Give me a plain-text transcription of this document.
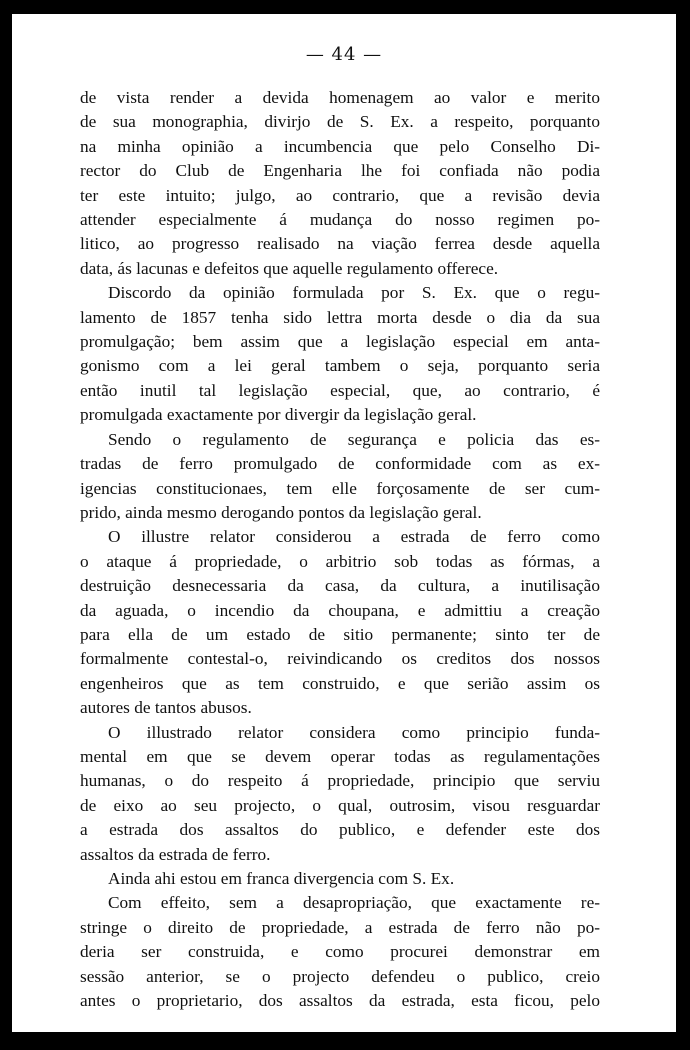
— 44 —
de vista render a devida homenagem ao valor e merito
de sua monographia, divirjo de S. Ex. a respeito, porquanto
na minha opinião a incumbencia que pelo Conselho Di-
rector do Club de Engenharia lhe foi confiada não podia
ter este intuito; julgo, ao contrario, que a revisão devia
attender especialmente á mudança do nosso regimen po-
litico, ao progresso realisado na viação ferrea desde aquella
data, ás lacunas e defeitos que aquelle regulamento offerece.
Discordo da opinião formulada por S. Ex. que o regu-
lamento de 1857 tenha sido lettra morta desde o dia da sua
promulgação; bem assim que a legislação especial em anta-
gonismo com a lei geral tambem o seja, porquanto seria
então inutil tal legislação especial, que, ao contrario, é
promulgada exactamente por divergir da legislação geral.
Sendo o regulamento de segurança e policia das es-
tradas de ferro promulgado de conformidade com as ex-
igencias constitucionaes, tem elle forçosamente de ser cum-
prido, ainda mesmo derogando pontos da legislação geral.
O illustre relator considerou a estrada de ferro como
o ataque á propriedade, o arbitrio sob todas as fórmas, a
destruição desnecessaria da casa, da cultura, a inutilisação
da aguada, o incendio da choupana, e admittiu a creação
para ella de um estado de sitio permanente; sinto ter de
formalmente contestal-o, reivindicando os creditos dos nossos
engenheiros que as tem construido, e que serião assim os
autores de tantos abusos.
O illustrado relator considera como principio funda-
mental em que se devem operar todas as regulamentações
humanas, o do respeito á propriedade, principio que serviu
de eixo ao seu projecto, o qual, outrosim, visou resguardar
a estrada dos assaltos do publico, e defender este dos
assaltos da estrada de ferro.
Ainda ahi estou em franca divergencia com S. Ex.
Com effeito, sem a desapropriação, que exactamente re-
stringe o direito de propriedade, a estrada de ferro não po-
deria ser construida, e como procurei demonstrar em
sessão anterior, se o projecto defendeu o publico, creio
antes o proprietario, dos assaltos da estrada, esta ficou, pelo
